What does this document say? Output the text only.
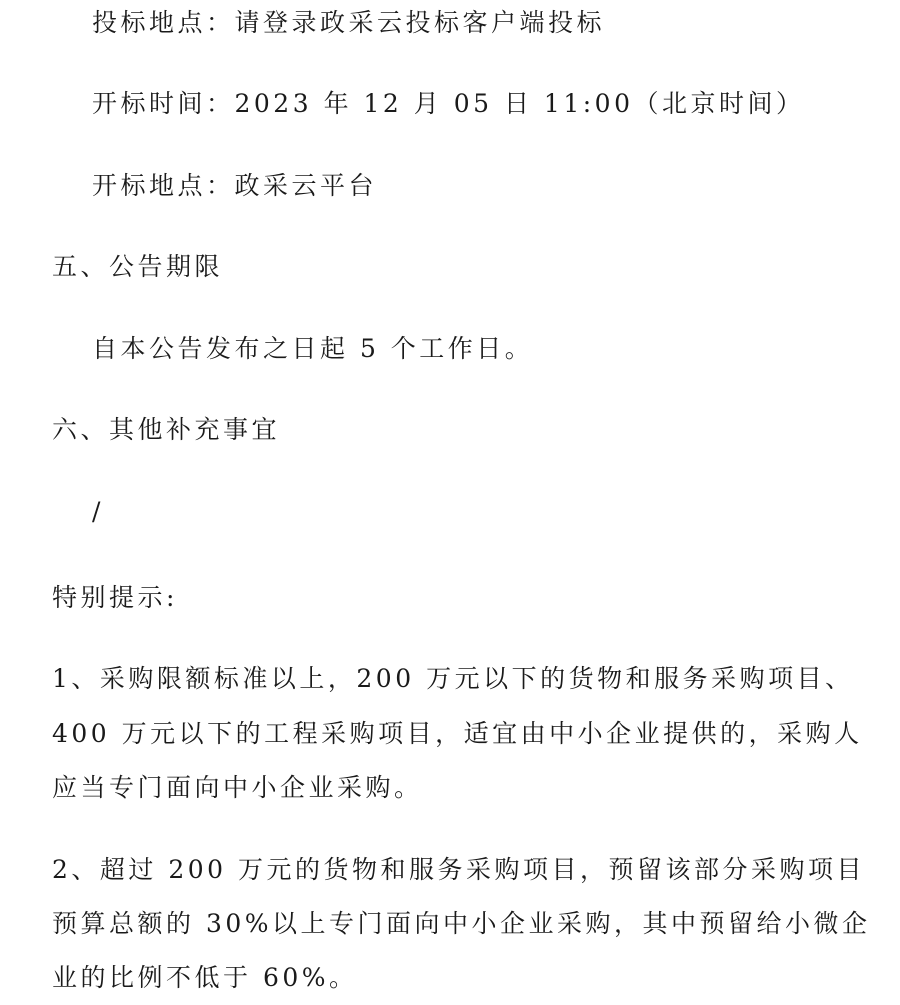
投标地点：请登录政采云投标客户端投标
开标时间：2023 年 12 月 05 日 11:00（北京时间）
开标地点：政采云平台
五、公告期限
自本公告发布之日起 5 个工作日。
六、其他补充事宜
/
特别提示:
1、采购限额标准以上，200 万元以下的货物和服务采购项目、
400 万元以下的工程采购项目，适宜由中小企业提供的，采购人
应当专门面向中小企业采购。
2、超过 200 万元的货物和服务采购项目，预留该部分采购项目
预算总额的 30%以上专门面向中小企业采购，其中预留给小微企
业的比例不低于 60%。
